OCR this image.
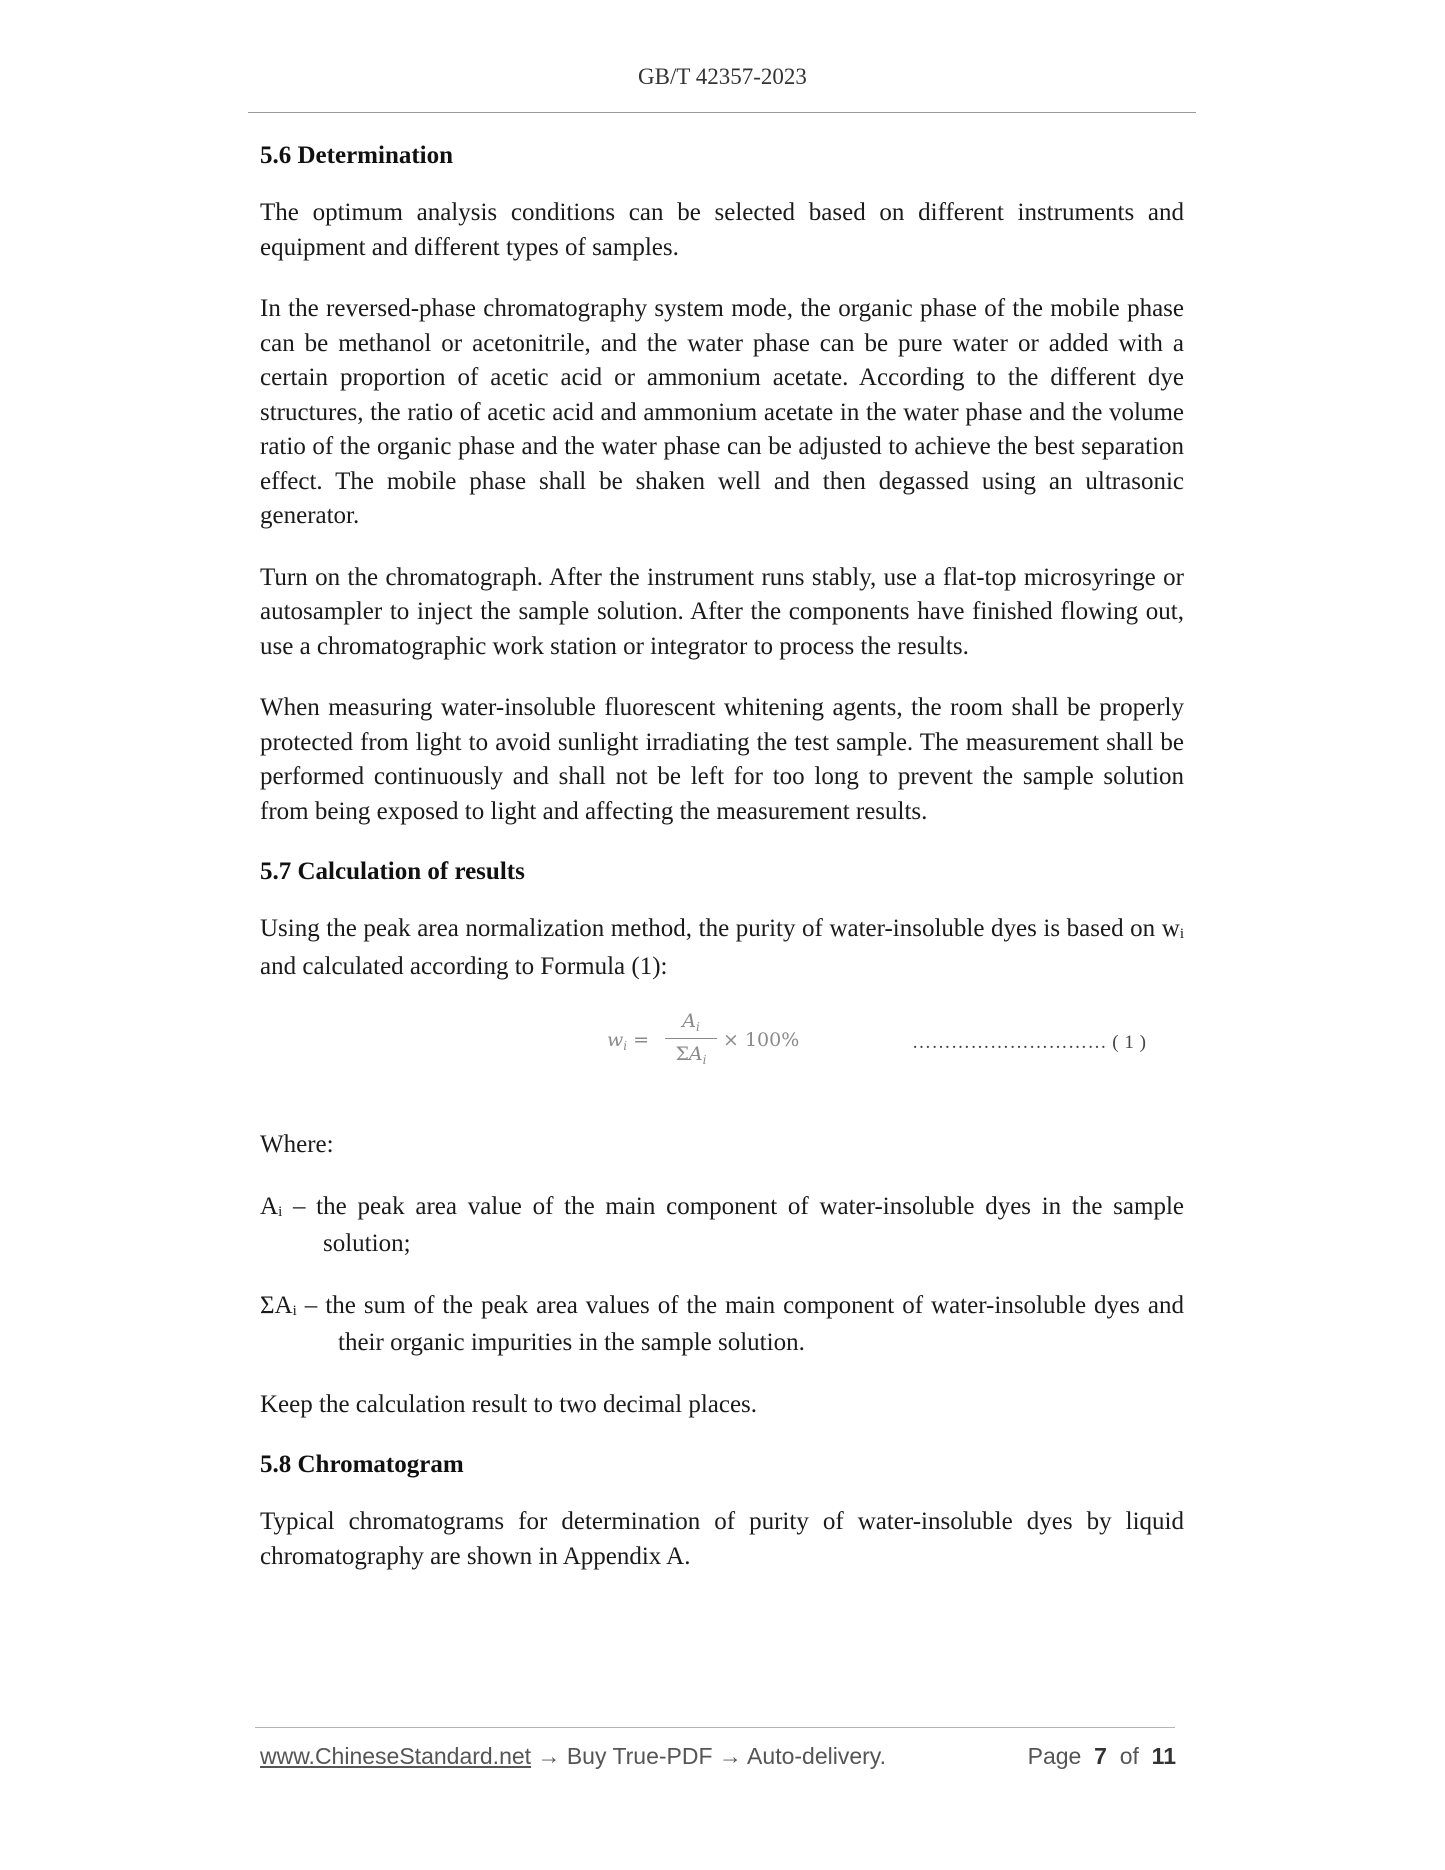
GB/T 42357-2023
5.6 Determination

The optimum analysis conditions can be selected based on different instruments and equipment and different types of samples.

In the reversed-phase chromatography system mode, the organic phase of the mobile phase can be methanol or acetonitrile, and the water phase can be pure water or added with a certain proportion of acetic acid or ammonium acetate. According to the different dye structures, the ratio of acetic acid and ammonium acetate in the water phase and the volume ratio of the organic phase and the water phase can be adjusted to achieve the best separation effect. The mobile phase shall be shaken well and then degassed using an ultrasonic generator.

Turn on the chromatograph. After the instrument runs stably, use a flat-top microsyringe or autosampler to inject the sample solution. After the components have finished flowing out, use a chromatographic work station or integrator to process the results.

When measuring water-insoluble fluorescent whitening agents, the room shall be properly protected from light to avoid sunlight irradiating the test sample. The measurement shall be performed continuously and shall not be left for too long to prevent the sample solution from being exposed to light and affecting the measurement results.

5.7 Calculation of results

Using the peak area normalization method, the purity of water-insoluble dyes is based on wi and calculated according to Formula (1):

$w_i$ =
$A_i$
$\Sigma A_i$
× 100%	………………………… ( 1 )

Where:

Ai – the peak area value of the main component of water-insoluble dyes in the sample solution;
ΣAi – the sum of the peak area values of the main component of water-insoluble dyes and their organic impurities in the sample solution.

Keep the calculation result to two decimal places.

5.8 Chromatogram

Typical chromatograms for determination of purity of water-insoluble dyes by liquid chromatography are shown in Appendix A.

www.ChineseStandard.net → Buy True-PDF → Auto-delivery.	Page 7 of 11
